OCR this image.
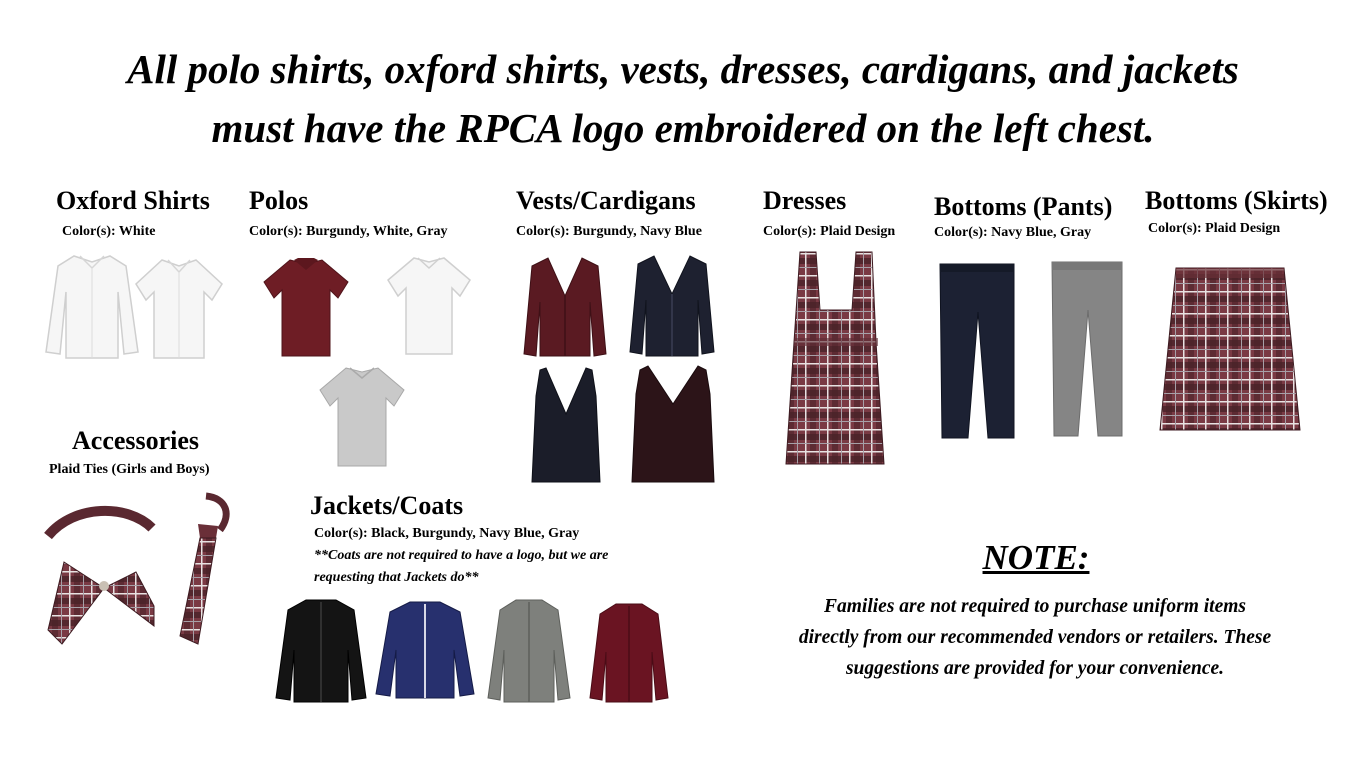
All polo shirts, oxford shirts, vests, dresses, cardigans, and jackets
must have the RPCA logo embroidered on the left chest.
Oxford Shirts
Color(s): White
Polos
Color(s): Burgundy, White, Gray
Vests/Cardigans
Color(s): Burgundy, Navy Blue
Dresses
Color(s): Plaid Design
Bottoms (Pants)
Color(s): Navy Blue, Gray
Bottoms (Skirts)
Color(s): Plaid Design
Accessories
Plaid Ties (Girls and Boys)
Jackets/Coats
Color(s): Black, Burgundy, Navy Blue, Gray
**Coats are not required to have a logo, but we are
requesting that Jackets do**
NOTE:
Families are not required to purchase uniform items
directly from our recommended vendors or retailers. These
suggestions are provided for your convenience.
